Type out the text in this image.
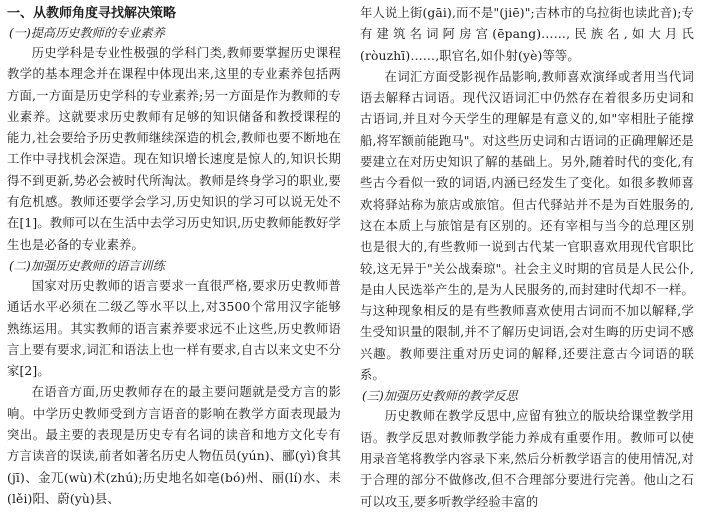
一、从教师角度寻找解决策略
(一)提高历史教师的专业素养

历史学科是专业性极强的学科门类,教师要掌握历史课程教学的基本理念并在课程中体现出来,这里的专业素养包括两方面,一方面是历史学科的专业素养;另一方面是作为教师的专业素养。这就要求历史教师有足够的知识储备和教授课程的能力,社会要给予历史教师继续深造的机会,教师也要不断地在工作中寻找机会深造。现在知识增长速度是惊人的,知识长期得不到更新,势必会被时代所淘汰。教师是终身学习的职业,要有危机感。教师还要学会学习,历史知识的学习可以说无处不在[1]。教师可以在生活中去学习历史知识,历史教师能教好学生也是必备的专业素养。

(二)加强历史教师的语言训练

国家对历史教师的语言要求一直很严格,要求历史教师普通话水平必须在二级乙等水平以上,对3500个常用汉字能够熟练运用。其实教师的语言素养要求远不止这些,历史教师语言上要有要求,词汇和语法上也一样有要求,自古以来文史不分家[2]。

在语音方面,历史教师存在的最主要问题就是受方言的影响。中学历史教师受到方言语音的影响在教学方面表现最为突出。最主要的表现是历史专有名词的读音和地方文化专有方言读音的误读,前者如著名历史人物伍员(yún)、郦(yì)食其(jī)、金兀(wù)术(zhú);历史地名如亳(bó)州、丽(lí)水、耒(lěi)阳、蔚(yù)县、

年人说上街(gāi),而不是"(jiē)";吉林市的乌拉街也读此音);专有建筑名词阿房宫(ēpang)……,民族名,如大月氏(ròuzhī)……,职官名,如仆射(yè)等等。

在词汇方面受影视作品影响,教师喜欢演绎或者用当代词语去解释古词语。现代汉语词汇中仍然存在着很多历史词和古语词,并且对今天学生的理解是有意义的,如"宰相肚子能撑船,将军额前能跑马"。对这些历史词和古语词的正确理解还是要建立在对历史知识了解的基础上。另外,随着时代的变化,有些古今看似一致的词语,内涵已经发生了变化。如很多教师喜欢将驿站称为旅店或旅馆。但古代驿站并不是为百姓服务的,这在本质上与旅馆是有区别的。还有宰相与当今的总理区别也是很大的,有些教师一说到古代某一官职喜欢用现代官职比较,这无异于"关公战秦琼"。社会主义时期的官员是人民公仆,是由人民选举产生的,是为人民服务的,而封建时代却不一样。与这种现象相反的是有些教师喜欢使用古词而不加以解释,学生受知识量的限制,并不了解历史词语,会对生晦的历史词不感兴趣。教师要注重对历史词的解释,还要注意古今词语的联系。

(三)加强历史教师的教学反思

历史教师在教学反思中,应留有独立的版块给课堂教学用语。教学反思对教师教学能力养成有重要作用。教师可以使用录音笔将教学内容录下来,然后分析教学语言的使用情况,对于合理的部分不做修改,但不合理部分要进行完善。他山之石可以攻玉,要多听教学经验丰富的
